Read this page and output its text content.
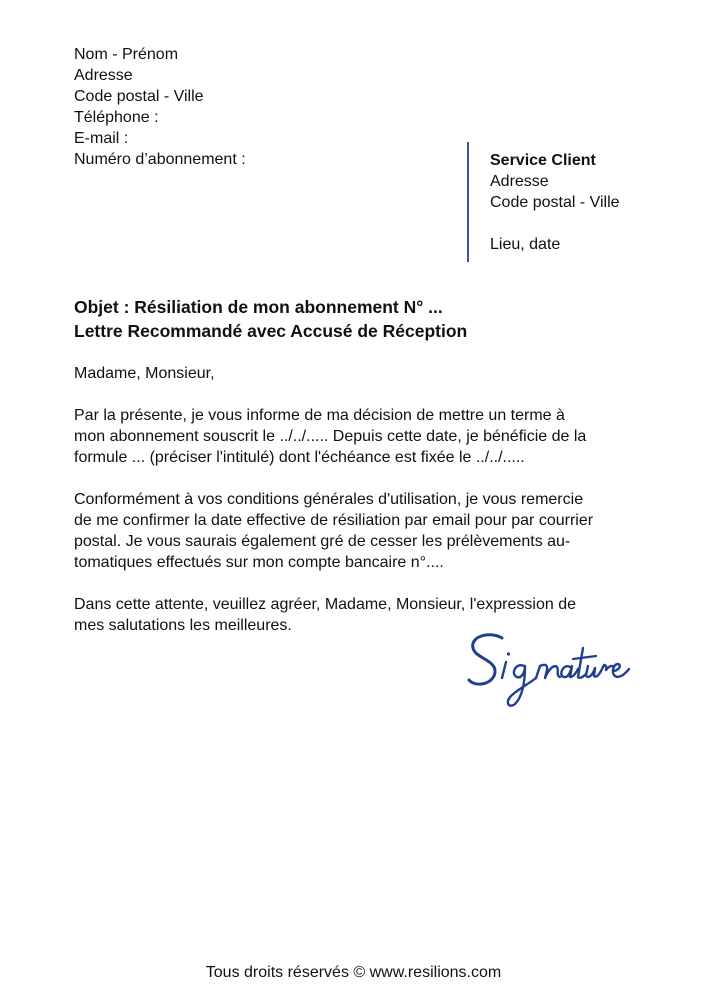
Nom - Prénom
Adresse
Code postal - Ville
Téléphone :
E-mail :
Numéro d’abonnement :	Service Client
Adresse
Code postal - Ville
Lieu, date
Objet : Résiliation de mon abonnement N° ...
Lettre Recommandé avec Accusé de Réception

Madame, Monsieur,

Par la présente, je vous informe de ma décision de mettre un terme à
mon abonnement souscrit le ../../..... Depuis cette date, je bénéficie de la
formule ... (préciser l'intitulé) dont l'échéance est fixée le ../../.....

Conformément à vos conditions générales d'utilisation, je vous remercie
de me confirmer la date effective de résiliation par email pour par courrier
postal. Je vous saurais également gré de cesser les prélèvements au-
tomatiques effectués sur mon compte bancaire n°....

Dans cette attente, veuillez agréer, Madame, Monsieur, l'expression de
mes salutations les meilleures.

Tous droits réservés © www.resilions.com
